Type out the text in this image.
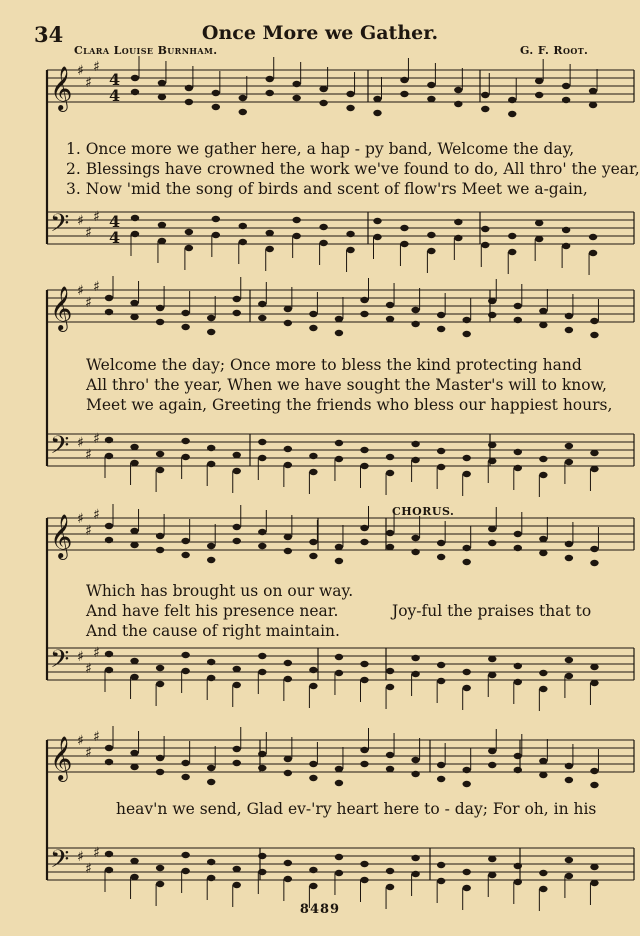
34	Once More we Gather.
Clara Louise Burnham.	G. F. Root.
𝄞
𝄢
♯
♯
♯
♯
♯
♯
4
4
4
4
𝄞
𝄢
♯
♯
♯
♯
♯
♯
𝄞
𝄢
♯
♯
♯
♯
♯
♯
𝄞
𝄢
♯
♯
♯
♯
♯
♯
1. Once more we gather here, a hap - py band, Welcome the day,
2. Blessings have crowned the work we've found to do, All thro' the year,
3. Now 'mid the song of birds and scent of flow'rs Meet we a-gain,
Welcome the day; Once more to bless the kind protecting hand
All thro' the year, When we have sought the Master's will to know,
Meet we again, Greeting the friends who bless our happiest hours,
CHORUS.
Which has brought us on our way.
And have felt his presence near.
And the cause of right maintain.
Joy-ful the praises that to
heav'n we send, Glad ev-'ry heart here to - day; For oh, in his
8489
